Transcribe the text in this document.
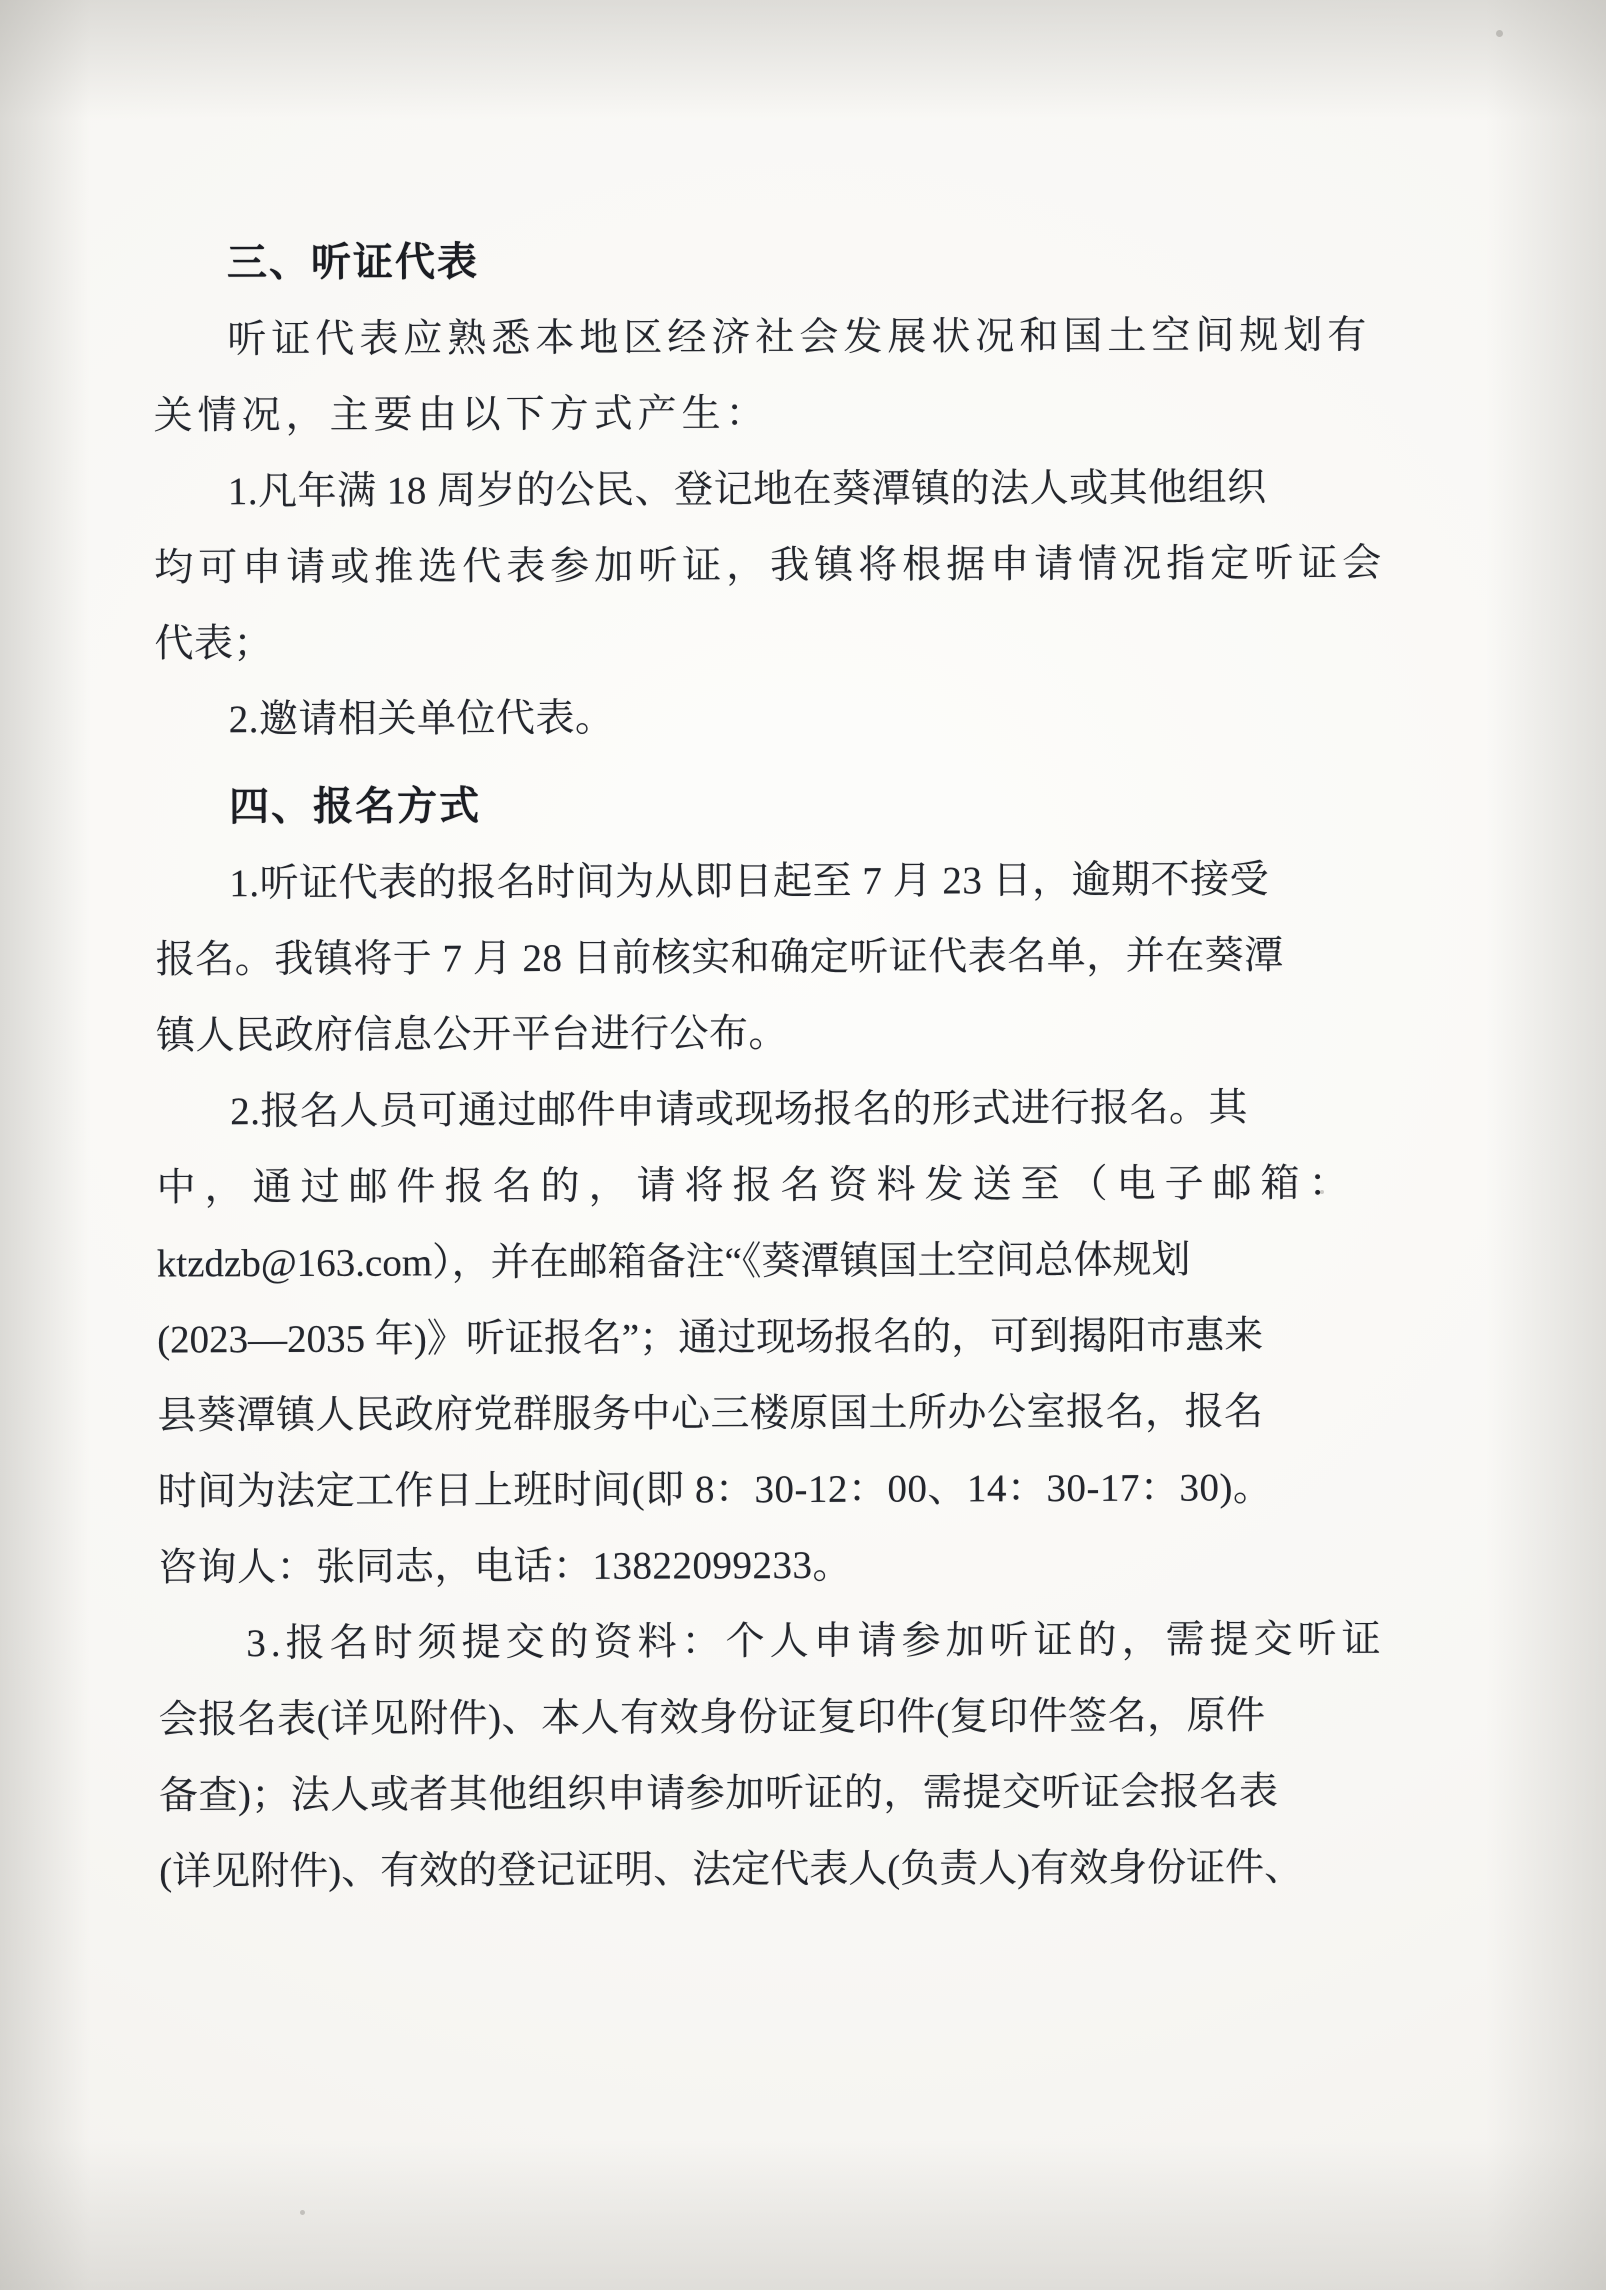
三、听证代表

听证代表应熟悉本地区经济社会发展状况和国土空间规划有
关情况，主要由以下方式产生：

1.凡年满 18 周岁的公民、登记地在葵潭镇的法人或其他组织
均可申请或推选代表参加听证，我镇将根据申请情况指定听证会
代表；

2.邀请相关单位代表。

四、报名方式

1.听证代表的报名时间为从即日起至 7 月 23 日，逾期不接受
报名。我镇将于 7 月 28 日前核实和确定听证代表名单，并在葵潭
镇人民政府信息公开平台进行公布。

2.报名人员可通过邮件申请或现场报名的形式进行报名。其
中，通过邮件报名的，请将报名资料发送至（电子邮箱：
ktzdzb@163.com），并在邮箱备注“《葵潭镇国土空间总体规划
(2023—2035 年)》听证报名”；通过现场报名的，可到揭阳市惠来
县葵潭镇人民政府党群服务中心三楼原国土所办公室报名，报名
时间为法定工作日上班时间(即 8：30-12：00、14：30-17：30)。
咨询人：张同志，电话：13822099233。

3.报名时须提交的资料：个人申请参加听证的，需提交听证
会报名表(详见附件)、本人有效身份证复印件(复印件签名，原件
备查)；法人或者其他组织申请参加听证的，需提交听证会报名表
(详见附件)、有效的登记证明、法定代表人(负责人)有效身份证件、
